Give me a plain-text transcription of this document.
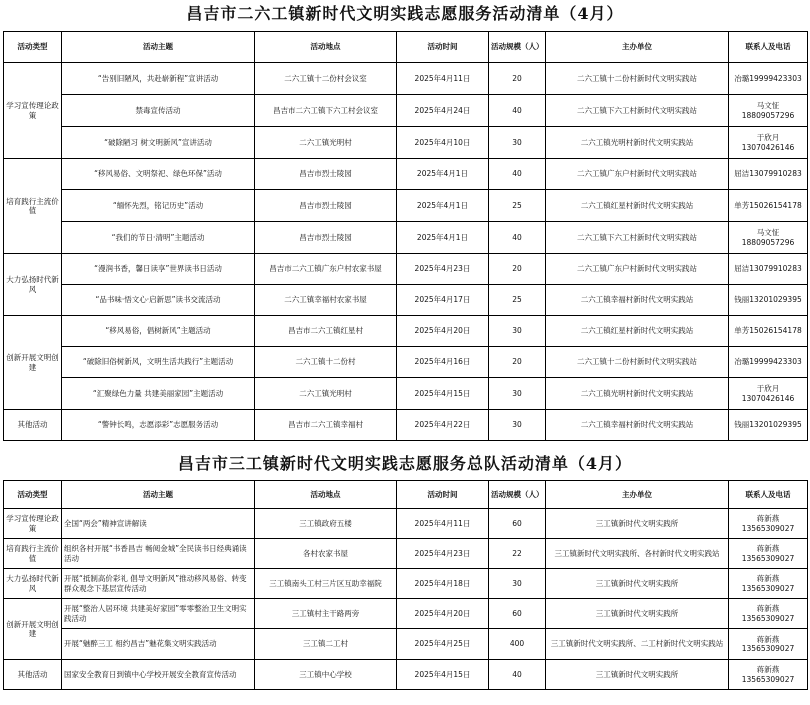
昌吉市二六工镇新时代文明实践志愿服务活动清单（4月）
活动类型	活动主题	活动地点	活动时间	活动规模（人）	主办单位	联系人及电话
学习宣传理论政策	“告别旧陋风，共赴崭新程”宣讲活动	二六工镇十二份村会议室	2025年4月11日	20	二六工镇十二份村新时代文明实践站	冶璐19999423303
	禁毒宣传活动	昌吉市二六工镇下六工村会议室	2025年4月24日	40	二六工镇下六工村新时代文明实践站	马文怔18809057296
	“破除陋习 树文明新风”宣讲活动	二六工镇光明村	2025年4月10日	30	二六工镇光明村新时代文明实践站	于欣月13070426146
培育践行主流价值	“移风易俗、文明祭祀、绿色环保”活动	昌吉市烈士陵园	2025年4月1日	40	二六工镇广东户村新时代文明实践站	屈洁13079910283
	“缅怀先烈，铭记历史”活动	昌吉市烈士陵园	2025年4月1日	25	二六工镇红星村新时代文明实践站	单芳15026154178
	“我们的节日·清明”主题活动	昌吉市烈士陵园	2025年4月1日	40	二六工镇下六工村新时代文明实践站	马文怔18809057296
大力弘扬时代新风	“漫润书香，馨日读享”世界读书日活动	昌吉市二六工镇广东户村农家书屋	2025年4月23日	20	二六工镇广东户村新时代文明实践站	屈洁13079910283
	“品书味·悟文心·启新思”读书交流活动	二六工镇幸福村农家书屋	2025年4月17日	25	二六工镇幸福村新时代文明实践站	钱丽13201029395
创新开展文明创建	“移风易俗，倡树新风”主题活动	昌吉市二六工镇红星村	2025年4月20日	30	二六工镇红星村新时代文明实践站	单芳15026154178
	“破除旧俗树新风，文明生活共践行”主题活动	二六工镇十二份村	2025年4月16日	20	二六工镇十二份村新时代文明实践站	冶璐19999423303
	“汇聚绿色力量 共建美丽家园”主题活动	二六工镇光明村	2025年4月15日	30	二六工镇光明村新时代文明实践站	于欣月13070426146
其他活动	“警钟长鸣，志愿添彩”志愿服务活动	昌吉市二六工镇幸福村	2025年4月22日	30	二六工镇幸福村新时代文明实践站	钱丽13201029395
昌吉市三工镇新时代文明实践志愿服务总队活动清单（4月）
活动类型	活动主题	活动地点	活动时间	活动规模（人）	主办单位	联系人及电话
学习宣传理论政策	全国“两会”精神宣讲解读	三工镇政府五楼	2025年4月11日	60	三工镇新时代文明实践所	蒋新燕13565309027
培育践行主流价值	组织各村开展“书香昌吉 畅阅金城”全民读书日经典诵读活动	各村农家书屋	2025年4月23日	22	三工镇新时代文明实践所、各村新时代文明实践站	蒋新燕13565309027
大力弘扬时代新风	开展“抵制高价彩礼 倡导文明新风”推动移风易俗、转变群众观念下基层宣传活动	三工镇南头工村三片区互助幸福院	2025年4月18日	30	三工镇新时代文明实践所	蒋新燕13565309027
创新开展文明创建	开展“整治人居环境 共建美好家园”零零整治卫生文明实践活动	三工镇村主干路两旁	2025年4月20日	60	三工镇新时代文明实践所	蒋新燕13565309027
	开展“魅醉三工 相约昌吉”魅花集文明实践活动	三工镇二工村	2025年4月25日	400	三工镇新时代文明实践所、二工村新时代文明实践站	蒋新燕13565309027
其他活动	国家安全教育日到镇中心学校开展安全教育宣传活动	三工镇中心学校	2025年4月15日	40	三工镇新时代文明实践所	蒋新燕13565309027
